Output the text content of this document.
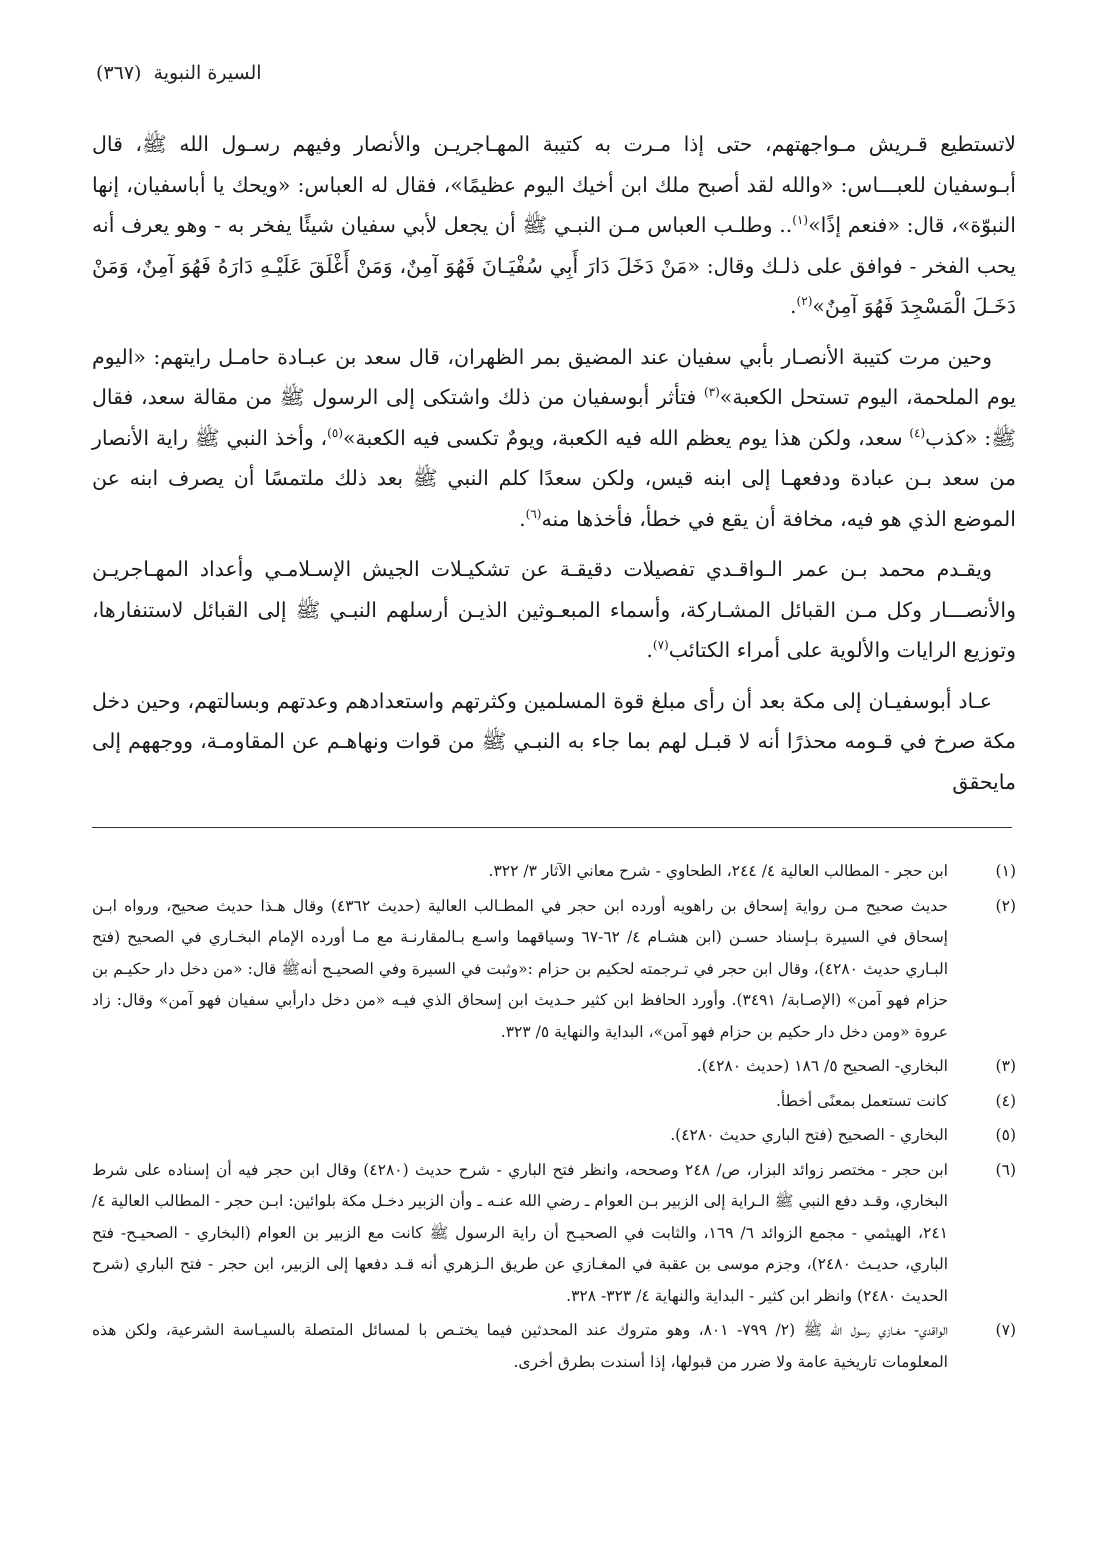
السيرة النبوية (٣٦٧)

لاتستطيع قـريش مـواجهتهم، حتى إذا مـرت به كتيبة المهـاجريـن والأنصار وفيهم رسـول الله ﷺ، قال أبـوسفيان للعبـــاس: «والله لقد أصبح ملك ابن أخيك اليوم عظيمًا»، فقال له العباس: «ويحك يا أباسفيان، إنها النبوّة»، قال: «فنعم إذًا»$^{(١)}$.. وطلـب العباس مـن النبـي ﷺ أن يجعل لأبي سفيان شيئًا يفخر به - وهو يعرف أنه يحب الفخر - فوافق على ذلـك وقال: «مَنْ دَخَلَ دَارَ أَبِي سُفْيَـانَ فَهُوَ آمِنٌ، وَمَنْ أَغْلَقَ عَلَيْـهِ دَارَهُ فَهُوَ آمِنٌ، وَمَنْ دَخَـلَ الْمَسْجِدَ فَهُوَ آمِنٌ»$^{(٢)}$.

وحين مرت كتيبة الأنصـار بأبي سفيان عند المضيق بمر الظهران، قال سعد بن عبـادة حامـل رايتهم: «اليوم يوم الملحمة، اليوم تستحل الكعبة»$^{(٣)}$ فتأثر أبوسفيان من ذلك واشتكى إلى الرسول ﷺ من مقالة سعد، فقال ﷺ: «كذب$^{(٤)}$ سعد، ولكن هذا يوم يعظم الله فيه الكعبة، ويومٌ تكسى فيه الكعبة»$^{(٥)}$، وأخذ النبي ﷺ راية الأنصار من سعد بـن عبادة ودفعهـا إلى ابنه قيس، ولكن سعدًا كلم النبي ﷺ بعد ذلك ملتمسًا أن يصرف ابنه عن الموضع الذي هو فيه، مخافة أن يقع في خطأ، فأخذها منه$^{(٦)}$.

ويقـدم محمد بـن عمر الـواقـدي تفصيلات دقيقـة عن تشكيـلات الجيش الإسـلامـي وأعداد المهـاجريـن والأنصـــار وكل مـن القبائل المشـاركة، وأسماء المبعـوثين الذيـن أرسلهم النبـي ﷺ إلى القبائل لاستنفارها، وتوزيع الرايات والألوية على أمراء الكتائب$^{(٧)}$.

عـاد أبوسفيـان إلى مكة بعد أن رأى مبلغ قوة المسلمين وكثرتهم واستعدادهم وعدتهم وبسالتهم، وحين دخل مكة صرخ في قـومه محذرًا أنه لا قبـل لهم بما جاء به النبـي ﷺ من قوات ونهاهـم عن المقاومـة، ووجههم إلى مايحقق

(١)
ابن حجر - المطالب العالية ٤/ ٢٤٤، الطحاوي - شرح معاني الآثار ٣/ ٣٢٢.
(٢)
حديث صحيح مـن رواية إسحاق بن راهويه أورده ابن حجر في المطـالب العالية (حديث ٤٣٦٢) وقال هـذا حديث صحيح، ورواه ابـن إسحاق في السيرة بـإسناد حسـن (ابن هشـام ٤/ ٦٢-٦٧ وسياقهما واسـع بـالمقارنـة مع مـا أورده الإمام البخـاري في الصحيح (فتح البـاري حديث ٤٢٨٠)، وقال ابن حجر في تـرجمته لحكيم بن حزام :«وثبت في السيرة وفي الصحيـح أنهﷺ قال: «من دخل دار حكيـم بن حزام فهو آمن» (الإصـابة/ ٣٤٩١). وأورد الحافظ ابن كثير حـديث ابن إسحاق الذي فيـه «من دخل دارأبي سفيان فهو آمن» وقال: زاد عروة «ومن دخل دار حكيم بن حزام فهو آمن»، البداية والنهاية ٥/ ٣٢٣.
(٣)
البخاري- الصحيح ٥/ ١٨٦ (حديث ٤٢٨٠).
(٤)
كانت تستعمل بمعنًى أخطأ.
(٥)
البخاري - الصحيح (فتح الباري حديث ٤٢٨٠).
(٦)
ابن حجر - مختصر زوائد البزار، ص/ ٢٤٨ وصححه، وانظر فتح الباري - شرح حديث (٤٢٨٠) وقال ابن حجر فيه أن إسناده على شرط البخاري، وقـد دفع النبي ﷺ الـراية إلى الزبير بـن العوام ـ رضي الله عنـه ـ وأن الزبير دخـل مكة بلوائين: ابـن حجر - المطالب العالية ٤/ ٢٤١، الهيثمي - مجمع الزوائد ٦/ ١٦٩، والثابت في الصحيـح أن راية الرسول ﷺ كانت مع الزبير بن العوام (البخاري - الصحيـح- فتح الباري، حديـث ٢٤٨٠)، وجزم موسى بن عقبة في المغـازي عن طريق الـزهري أنه قـد دفعها إلى الزبير، ابن حجر - فتح الباري (شرح الحديث ٢٤٨٠) وانظر ابن كثير - البداية والنهاية ٤/ ٣٢٣- ٣٢٨.
(٧)
الواقدي- مغـازي رسول الله ﷺ (٢/ ٧٩٩- ٨٠١، وهو متروك عند المحدثين فيما يختـص با لمسائل المتصلة بالسيـاسة الشرعية، ولكن هذه المعلومات تاريخية عامة ولا ضرر من قبولها، إذا أسندت بطرق أخرى.
